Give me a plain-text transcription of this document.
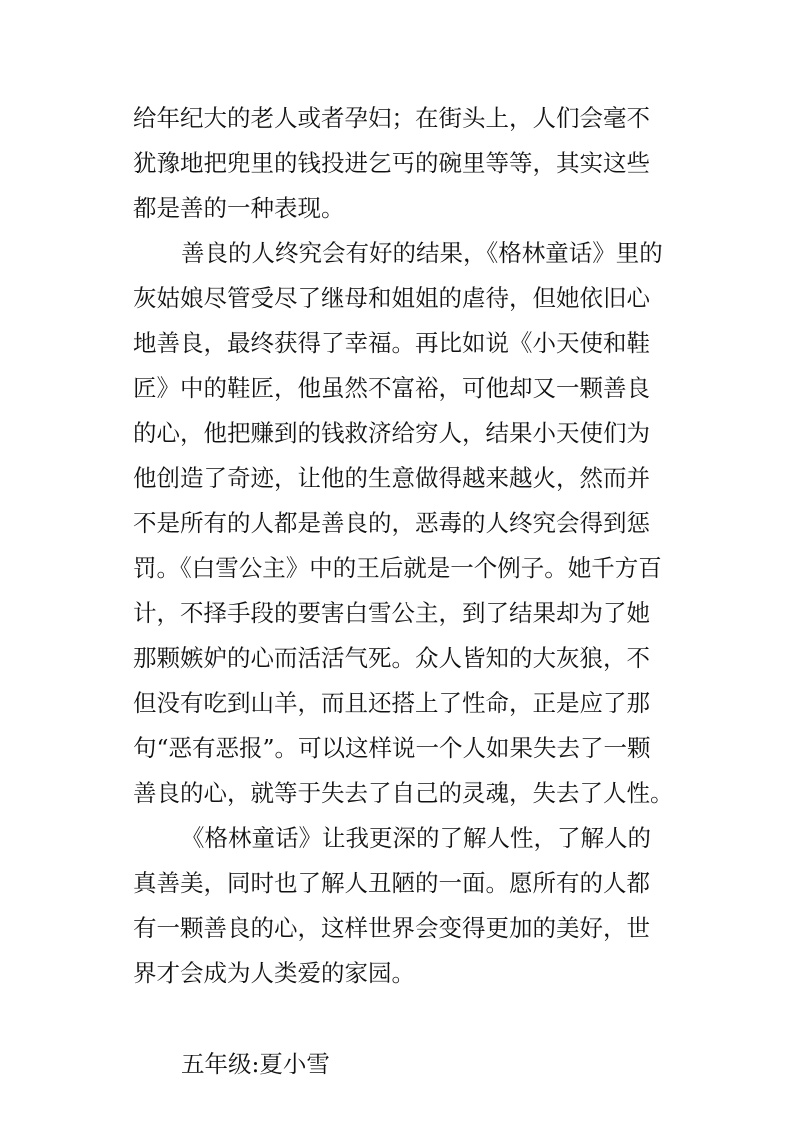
给年纪大的老人或者孕妇；在街头上，人们会毫不
犹豫地把兜里的钱投进乞丐的碗里等等，其实这些
都是善的一种表现。
善良的人终究会有好的结果，《格林童话》里的
灰姑娘尽管受尽了继母和姐姐的虐待，但她依旧心
地善良，最终获得了幸福。再比如说《小天使和鞋
匠》中的鞋匠，他虽然不富裕，可他却又一颗善良
的心，他把赚到的钱救济给穷人，结果小天使们为
他创造了奇迹，让他的生意做得越来越火，然而并
不是所有的人都是善良的，恶毒的人终究会得到惩
罚。《白雪公主》中的王后就是一个例子。她千方百
计，不择手段的要害白雪公主，到了结果却为了她
那颗嫉妒的心而活活气死。众人皆知的大灰狼，不
但没有吃到山羊，而且还搭上了性命，正是应了那
句“恶有恶报”。可以这样说一个人如果失去了一颗
善良的心，就等于失去了自己的灵魂，失去了人性。
《格林童话》让我更深的了解人性，了解人的
真善美，同时也了解人丑陋的一面。愿所有的人都
有一颗善良的心，这样世界会变得更加的美好，世
界才会成为人类爱的家园。
五年级:夏小雪
